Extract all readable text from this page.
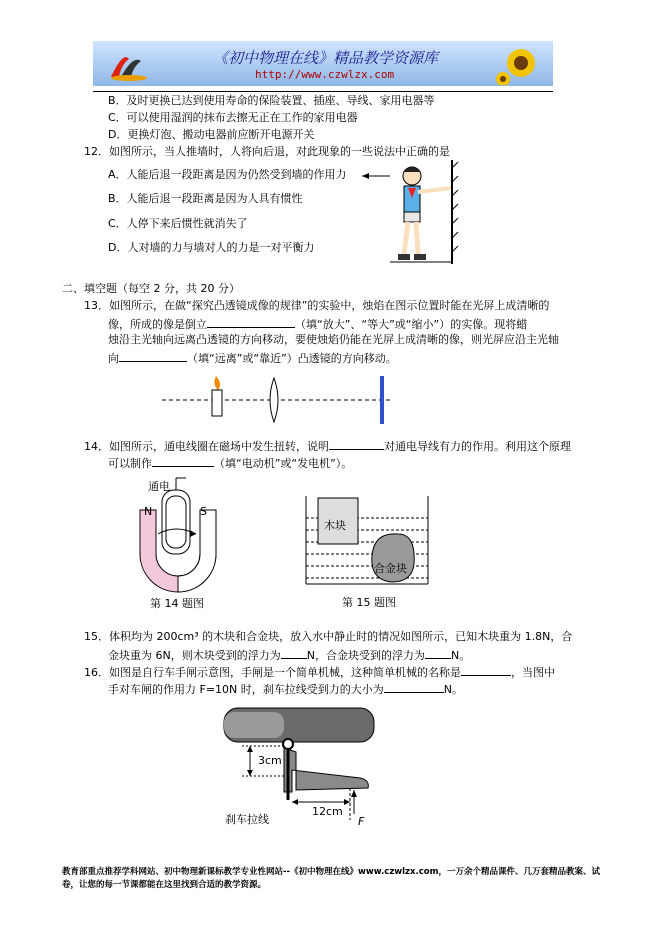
《初中物理在线》精品教学资源库
http://www.czwlzx.com
B．及时更换已达到使用寿命的保险装置、插座、导线、家用电器等
C．可以使用湿润的抹布去擦无正在工作的家用电器
D．更换灯泡、搬动电器前应断开电源开关
12．如图所示，当人推墙时，人将向后退，对此现象的一些说法中正确的是
A．人能后退一段距离是因为仍然受到墙的作用力
B．人能后退一段距离是因为人具有惯性
C．人停下来后惯性就消失了
D．人对墙的力与墙对人的力是一对平衡力
二、填空题（每空 2 分，共 20 分）
13．如图所示，在做“探究凸透镜成像的规律”的实验中，烛焰在图示位置时能在光屏上成清晰的
像，所成的像是倒立	（填“放大”、“等大”或“缩小”）的实像。现将蜡
烛沿主光轴向远离凸透镜的方向移动，要使烛焰仍能在光屏上成清晰的像，则光屏应沿主光轴
向	（填“远离”或“靠近”）凸透镜的方向移动。
14．如图所示，通电线圈在磁场中发生扭转，说明	对通电导线有力的作用。利用这个原理
可以制作	（填“电动机”或“发电机”）。
通电
N	S
第 14 题图
木块
合金块
第 15 题图
15．体积均为 200cm³ 的木块和合金块，放入水中静止时的情况如图所示，已知木块重为 1.8N，合
金块重为 6N，则木块受到的浮力为 N，合金块受到的浮力为 N。
16．如图是自行车手闸示意图，手闸是一个简单机械，这种简单机械的名称是	，当图中
手对车闸的作用力 F=10N 时，刹车拉线受到力的大小为	N。
3cm
12cm
F
刹车拉线
教育部重点推荐学科网站、初中物理新课标教学专业性网站--《初中物理在线》www.czwlzx.com，一万余个精品课件、几万套精品教案、试卷，让您的每一节课都能在这里找到合适的教学资源。
